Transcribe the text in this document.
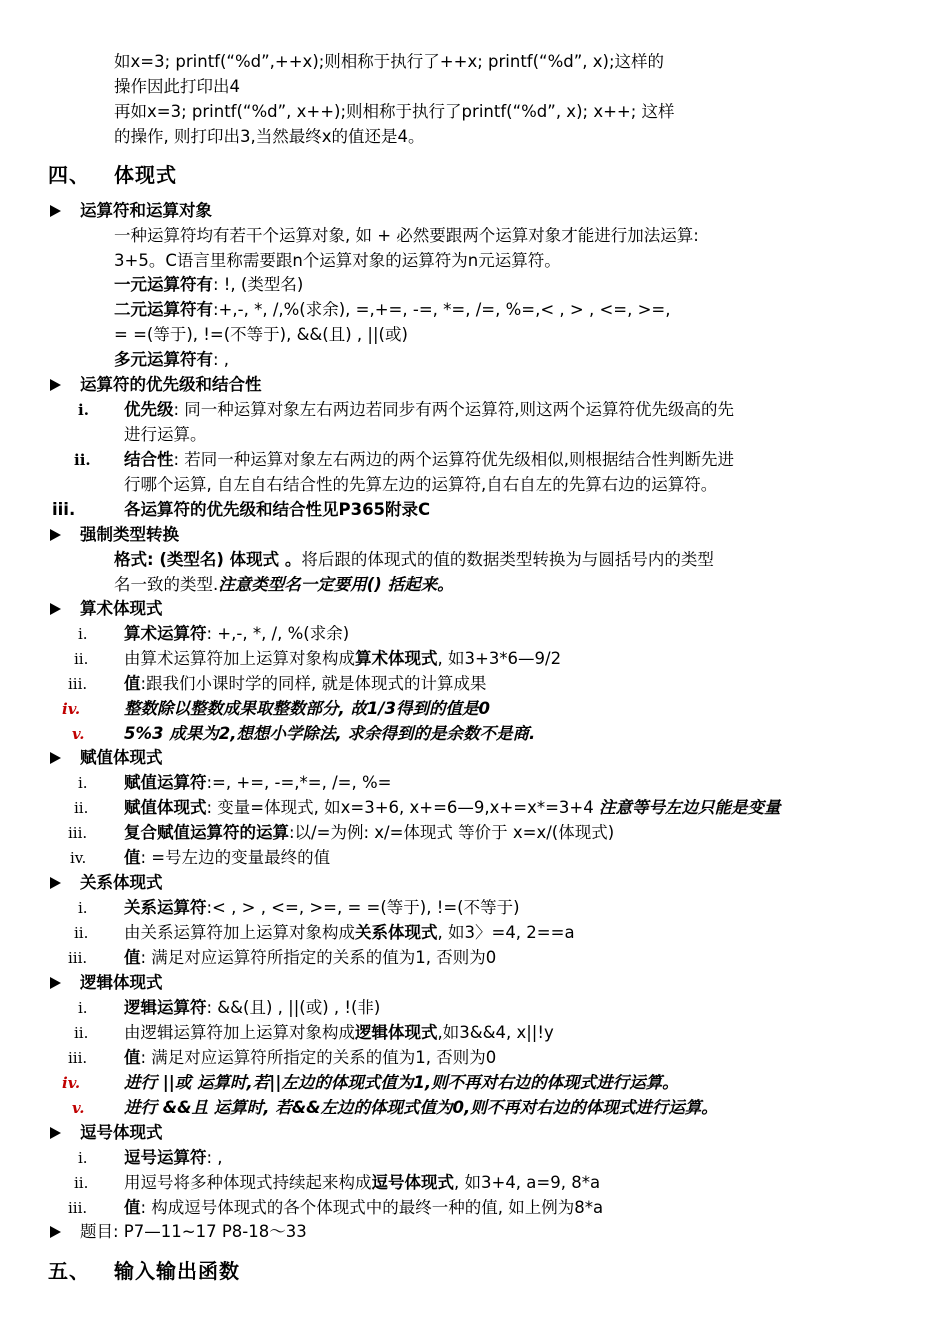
如x=3; printf(“%d”,++x);则相称于执行了++x; printf(“%d”, x);这样的
操作因此打印出4
再如x=3; printf(“%d”, x++);则相称于执行了printf(“%d”, x); x++; 这样
的操作, 则打印出3,当然最终x的值还是4。
四、 体现式
运算符和运算对象
一种运算符均有若干个运算对象, 如 + 必然要跟两个运算对象才能进行加法运算:
3+5。C语言里称需要跟n个运算对象的运算符为n元运算符。
一元运算符有: !, (类型名)
二元运算符有:+,-, *, /,%(求余), =,+=, -=, *=, /=, %=,< , > , <=, >=,
= =(等于), !=(不等于), &&(且) , ||(或)
多元运算符有: ,
运算符的优先级和结合性
i. 优先级: 同一种运算对象左右两边若同步有两个运算符,则这两个运算符优先级高的先
进行运算。
ii. 结合性: 若同一种运算对象左右两边的两个运算符优先级相似,则根据结合性判断先进
行哪个运算, 自左自右结合性的先算左边的运算符,自右自左的先算右边的运算符。
iii.	各运算符的优先级和结合性见P365附录C
强制类型转换
格式: (类型名) 体现式 。将后跟的体现式的值的数据类型转换为与圆括号内的类型
名一致的类型.注意类型名一定要用() 括起来。
算术体现式
i. 算术运算符: +,-, *, /, %(求余)
ii. 由算术运算符加上运算对象构成算术体现式, 如3+3*6—9/2
iii. 值:跟我们小课时学的同样, 就是体现式的计算成果
iv.	整数除以整数成果取整数部分, 故1/3得到的值是0
v. 5%3 成果为2,想想小学除法, 求余得到的是余数不是商.
赋值体现式
i. 赋值运算符:=, +=, -=,*=, /=, %=
ii. 赋值体现式: 变量=体现式, 如x=3+6, x+=6—9,x+=x*=3+4 注意等号左边只能是变量
iii. 复合赋值运算符的运算:以/=为例: x/=体现式 等价于 x=x/(体现式)
iv. 值: =号左边的变量最终的值
关系体现式
i. 关系运算符:< , > , <=, >=, = =(等于), !=(不等于)
ii. 由关系运算符加上运算对象构成关系体现式, 如3〉=4, 2==a
iii. 值: 满足对应运算符所指定的关系的值为1, 否则为0
逻辑体现式
i. 逻辑运算符: &&(且) , ||(或) , !(非)
ii. 由逻辑运算符加上运算对象构成逻辑体现式,如3&&4, x||!y
iii. 值: 满足对应运算符所指定的关系的值为1, 否则为0
iv.	进行 ||或 运算时,若||左边的体现式值为1,则不再对右边的体现式进行运算。
v. 进行 &&且 运算时, 若&&左边的体现式值为0,则不再对右边的体现式进行运算。
逗号体现式
i. 逗号运算符: ,
ii. 用逗号将多种体现式持续起来构成逗号体现式, 如3+4, a=9, 8*a
iii. 值: 构成逗号体现式的各个体现式中的最终一种的值, 如上例为8*a
题目: P7—11~17 P8-18～33
五、 输入输出函数
